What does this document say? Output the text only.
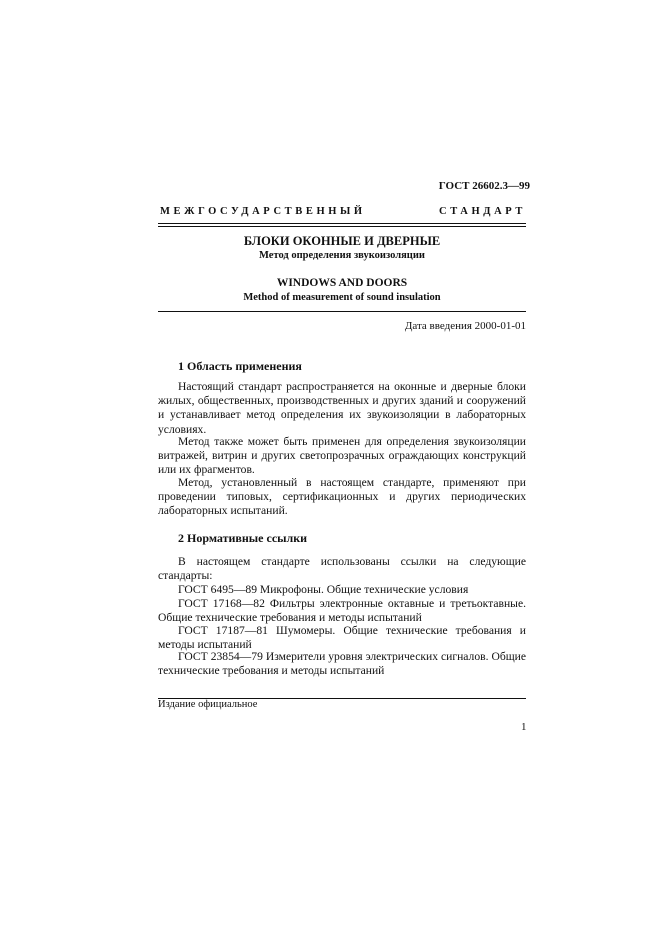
ГОСТ 26602.3—99
МЕЖГОСУДАРСТВЕННЫЙ	СТАНДАРТ
БЛОКИ ОКОННЫЕ И ДВЕРНЫЕ
Метод определения звукоизоляции
WINDOWS AND DOORS
Method of measurement of sound insulation
Дата введения 2000-01-01
1 Область применения

Настоящий стандарт распространяется на оконные и дверные блоки жилых, общественных, производственных и других зданий и сооружений и устанавливает метод определения их звукоизоляции в лабораторных условиях.

Метод также может быть применен для определения звукоизоляции витражей, витрин и других светопрозрачных ограждающих конструкций или их фрагментов.

Метод, установленный в настоящем стандарте, применяют при проведении типовых, сертификационных и других периодических лабораторных испытаний.

2 Нормативные ссылки

В настоящем стандарте использованы ссылки на следующие стандарты:

ГОСТ 6495—89 Микрофоны. Общие технические условия

ГОСТ 17168—82 Фильтры электронные октавные и третьоктавные. Общие технические требования и методы испытаний

ГОСТ 17187—81 Шумомеры. Общие технические требования и методы испытаний

ГОСТ 23854—79 Измерители уровня электрических сигналов. Общие технические требования и методы испытаний

Издание официальное
1
